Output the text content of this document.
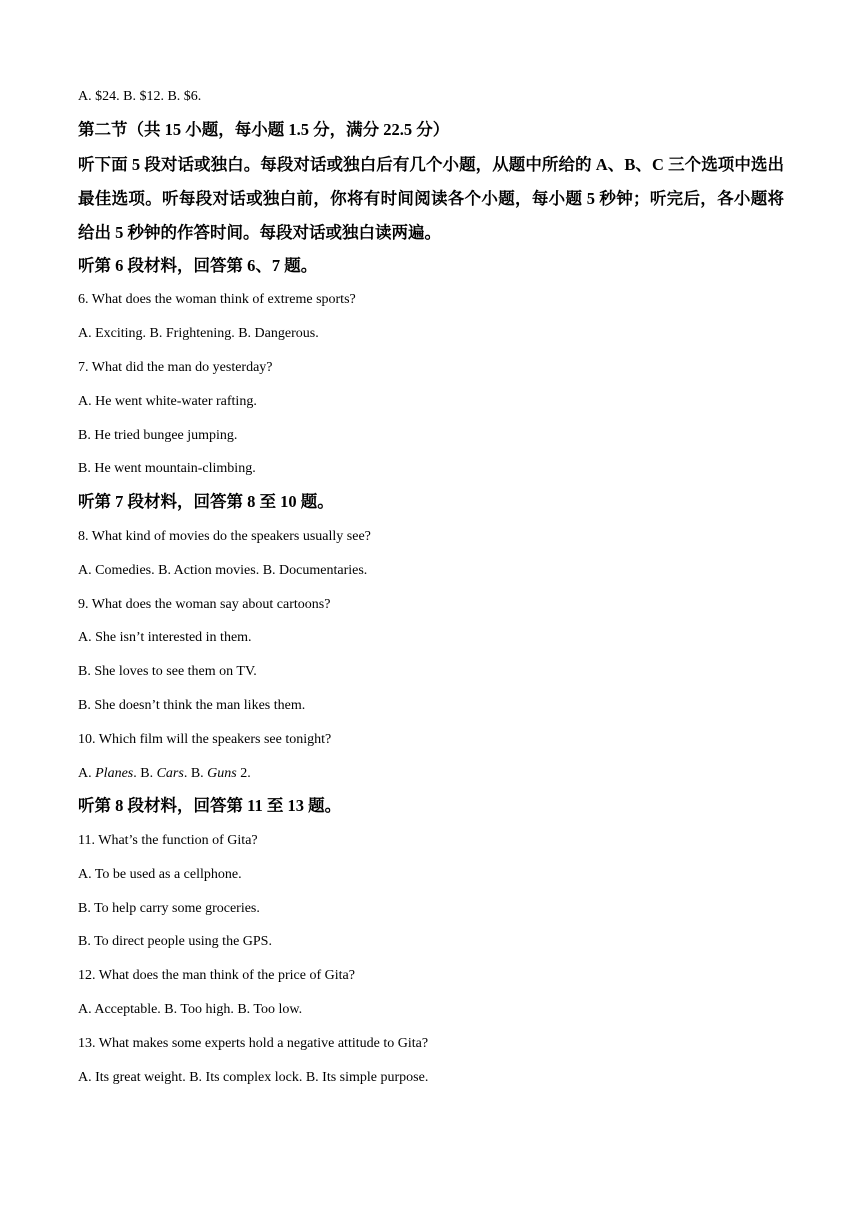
A. $24. B. $12. B. $6.
第二节（共 15 小题，每小题 1.5 分，满分 22.5 分）
听下面 5 段对话或独白。每段对话或独白后有几个小题，从题中所给的 A、B、C 三个选项中选出最佳选项。听每段对话或独白前，你将有时间阅读各个小题，每小题 5 秒钟；听完后，各小题将给出 5 秒钟的作答时间。每段对话或独白读两遍。
听第 6 段材料，回答第 6、7 题。
6. What does the woman think of extreme sports?
A. Exciting. B. Frightening. B. Dangerous.
7. What did the man do yesterday?
A. He went white-water rafting.
B. He tried bungee jumping.
B. He went mountain-climbing.
听第 7 段材料，回答第 8 至 10 题。
8. What kind of movies do the speakers usually see?
A. Comedies. B. Action movies. B. Documentaries.
9. What does the woman say about cartoons?
A. She isn’t interested in them.
B. She loves to see them on TV.
B. She doesn’t think the man likes them.
10. Which film will the speakers see tonight?
A. Planes. B. Cars. B. Guns 2.
听第 8 段材料，回答第 11 至 13 题。
11. What’s the function of Gita?
A. To be used as a cellphone.
B. To help carry some groceries.
B. To direct people using the GPS.
12. What does the man think of the price of Gita?
A. Acceptable. B. Too high. B. Too low.
13. What makes some experts hold a negative attitude to Gita?
A. Its great weight. B. Its complex lock. B. Its simple purpose.
